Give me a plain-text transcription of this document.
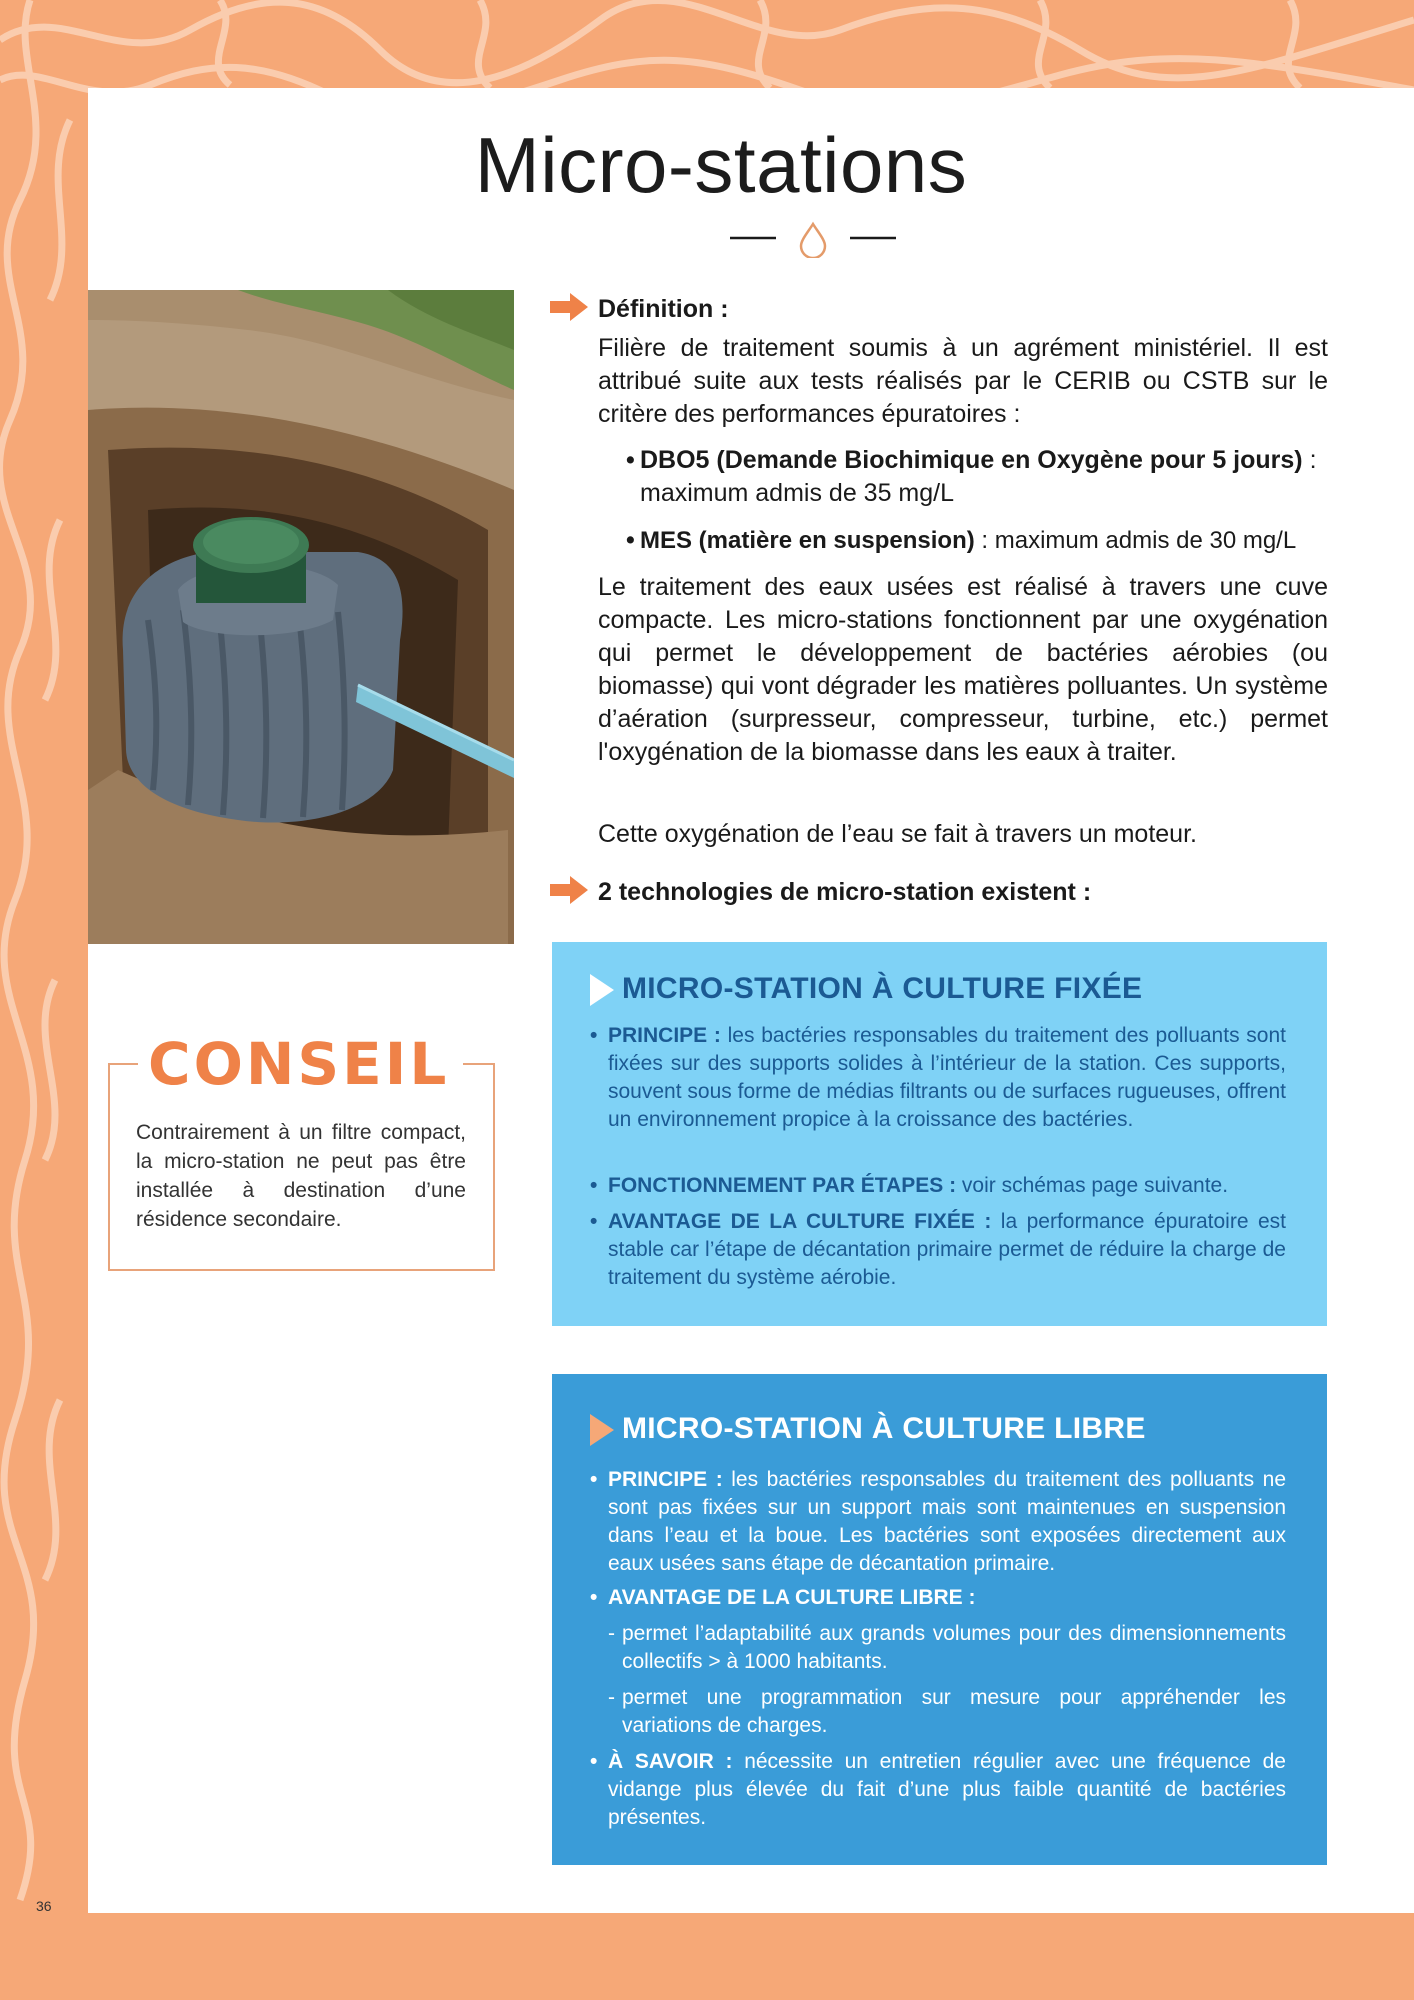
Micro-stations
Définition :

Filière de traitement soumis à un agrément ministériel. Il est attribué suite aux tests réalisés par le CERIB ou CSTB sur le critère des performances épuratoires :

• DBO5 (Demande Biochimique en Oxygène pour 5 jours) : maximum admis de 35 mg/L

• MES (matière en suspension) : maximum admis de 30 mg/L

Le traitement des eaux usées est réalisé à travers une cuve compacte. Les micro-stations fonctionnent par une oxygénation qui permet le développement de bactéries aérobies (ou biomasse) qui vont dégrader les matières polluantes. Un système d’aération (surpresseur, compresseur, turbine, etc.) permet l'oxygénation de la biomasse dans les eaux à traiter.

Cette oxygénation de l’eau se fait à travers un moteur.

2 technologies de micro-station existent :
CONSEIL

Contrairement à un filtre compact, la micro-station ne peut pas être installée à destination d’une résidence secondaire.

MICRO-STATION À CULTURE FIXÉE
• PRINCIPE : les bactéries responsables du traitement des polluants sont fixées sur des supports solides à l’intérieur de la station. Ces supports, souvent sous forme de médias filtrants ou de surfaces rugueuses, offrent un environnement propice à la croissance des bactéries.

• FONCTIONNEMENT PAR ÉTAPES : voir schémas page suivante.

• AVANTAGE DE LA CULTURE FIXÉE : la performance épuratoire est stable car l’étape de décantation primaire permet de réduire la charge de traitement du système aérobie.

MICRO-STATION À CULTURE LIBRE
• PRINCIPE : les bactéries responsables du traitement des polluants ne sont pas fixées sur un support mais sont maintenues en suspension dans l’eau et la boue. Les bactéries sont exposées directement aux eaux usées sans étape de décantation primaire.

• AVANTAGE DE LA CULTURE LIBRE :

- permet l’adaptabilité aux grands volumes pour des dimensionnements collectifs > à 1000 habitants.

- permet une programmation sur mesure pour appréhender les variations de charges.

• À SAVOIR : nécessite un entretien régulier avec une fréquence de vidange plus élevée du fait d’une plus faible quantité de bactéries présentes.

36
